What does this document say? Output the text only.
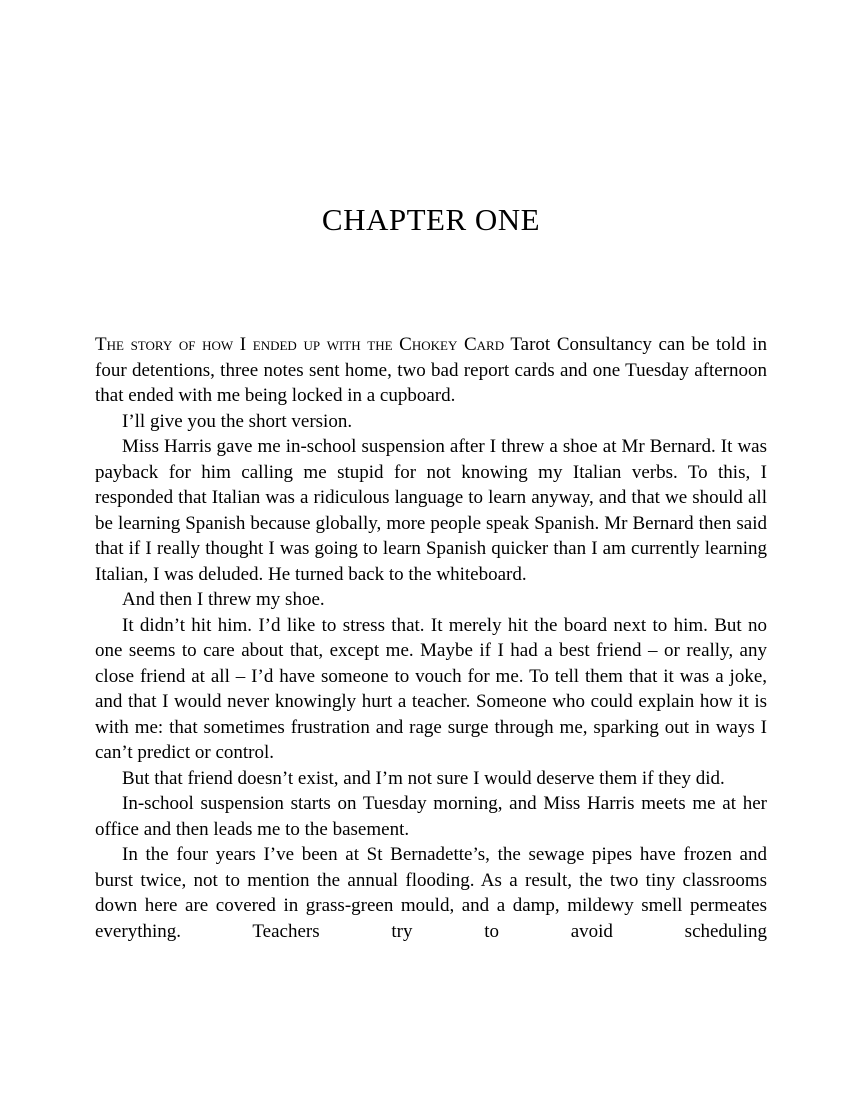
CHAPTER ONE

The story of how I ended up with the Chokey Card Tarot Consultancy can be told in four detentions, three notes sent home, two bad report cards and one Tuesday afternoon that ended with me being locked in a cupboard.

I’ll give you the short version.

Miss Harris gave me in-school suspension after I threw a shoe at Mr Bernard. It was payback for him calling me stupid for not knowing my Italian verbs. To this, I responded that Italian was a ridiculous language to learn anyway, and that we should all be learning Spanish because globally, more people speak Spanish. Mr Bernard then said that if I really thought I was going to learn Spanish quicker than I am currently learning Italian, I was deluded. He turned back to the whiteboard.

And then I threw my shoe.

It didn’t hit him. I’d like to stress that. It merely hit the board next to him. But no one seems to care about that, except me. Maybe if I had a best friend – or really, any close friend at all – I’d have someone to vouch for me. To tell them that it was a joke, and that I would never knowingly hurt a teacher. Someone who could explain how it is with me: that sometimes frustration and rage surge through me, sparking out in ways I can’t predict or control.

But that friend doesn’t exist, and I’m not sure I would deserve them if they did.

In-school suspension starts on Tuesday morning, and Miss Harris meets me at her office and then leads me to the basement.

In the four years I’ve been at St Bernadette’s, the sewage pipes have frozen and burst twice, not to mention the annual flooding. As a result, the two tiny classrooms down here are covered in grass-green mould, and a damp, mildewy smell permeates everything. Teachers try to avoid scheduling
